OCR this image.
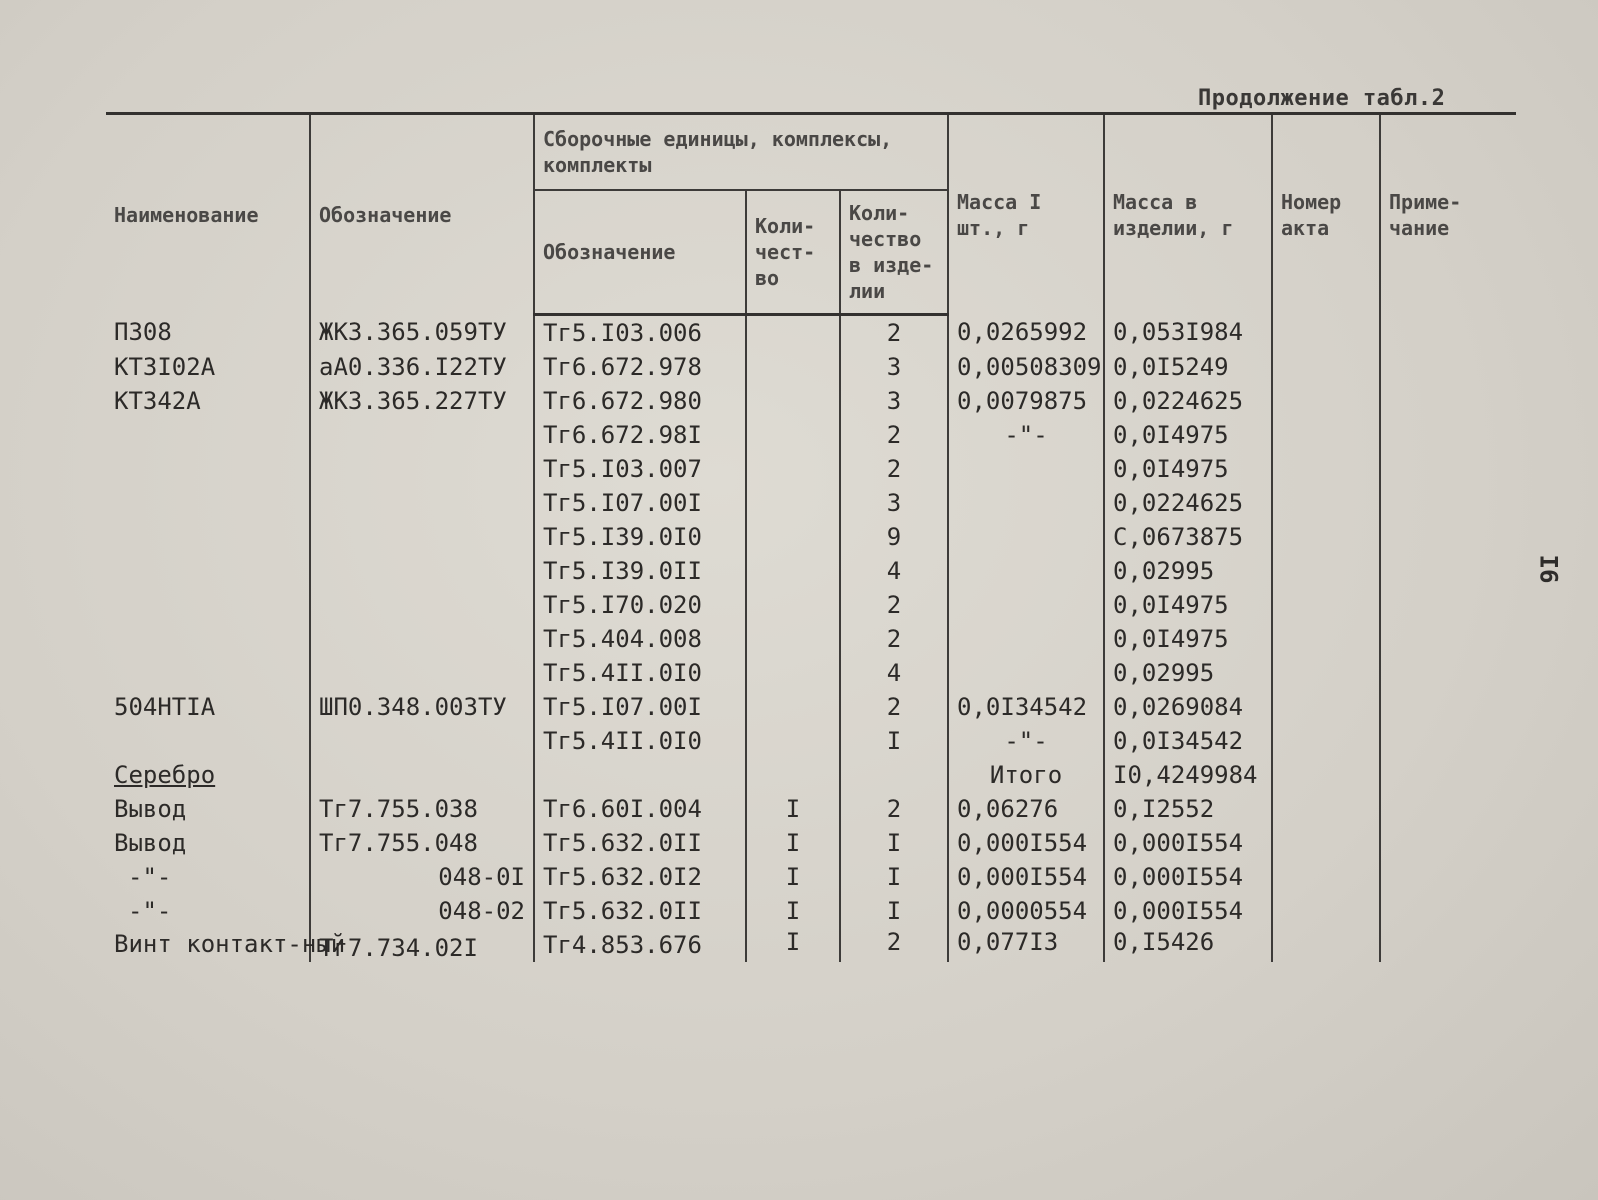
Продолжение табл.2
I6
Наименование	Обозначение	Сборочные единицы, комплексы, комплекты			Масса I шт., г	Масса в изделии, г	Номер акта	Приме-чание
		Обозначение	Коли-чест-во	Коли-чество в изде-лии				
П308	ЖК3.365.059ТУ	Тг5.I03.006		2	0,0265992	0,053I984		
КТ3I02А	аА0.336.I22ТУ	Тг6.672.978		3	0,00508309	0,0I5249		
КТ342А	ЖК3.365.227ТУ	Тг6.672.980		3	0,0079875	0,0224625		
		Тг6.672.98I		2	-"-	0,0I4975		
		Тг5.I03.007		2		0,0I4975		
		Тг5.I07.00I		3		0,0224625		
		Тг5.I39.0I0		9		С,0673875		
		Тг5.I39.0II		4		0,02995		
		Тг5.I70.020		2		0,0I4975		
		Тг5.404.008		2		0,0I4975		
		Тг5.4II.0I0		4		0,02995		
504НТIА	ШП0.348.003ТУ	Тг5.I07.00I		2	0,0I34542	0,0269084		
		Тг5.4II.0I0		I	-"-	0,0I34542		
Серебро					Итого	I0,4249984		
Вывод	Тг7.755.038	Тг6.60I.004	I	2	0,06276	0,I2552		
Вывод	Тг7.755.048	Тг5.632.0II	I	I	0,000I554	0,000I554		
-"-	048-0I	Тг5.632.0I2	I	I	0,000I554	0,000I554		
-"-	048-02	Тг5.632.0II	I	I	0,0000554	0,000I554		
Винт контакт-ный	Тг7.734.02I	Тг4.853.676	I	2	0,077I3	0,I5426		
